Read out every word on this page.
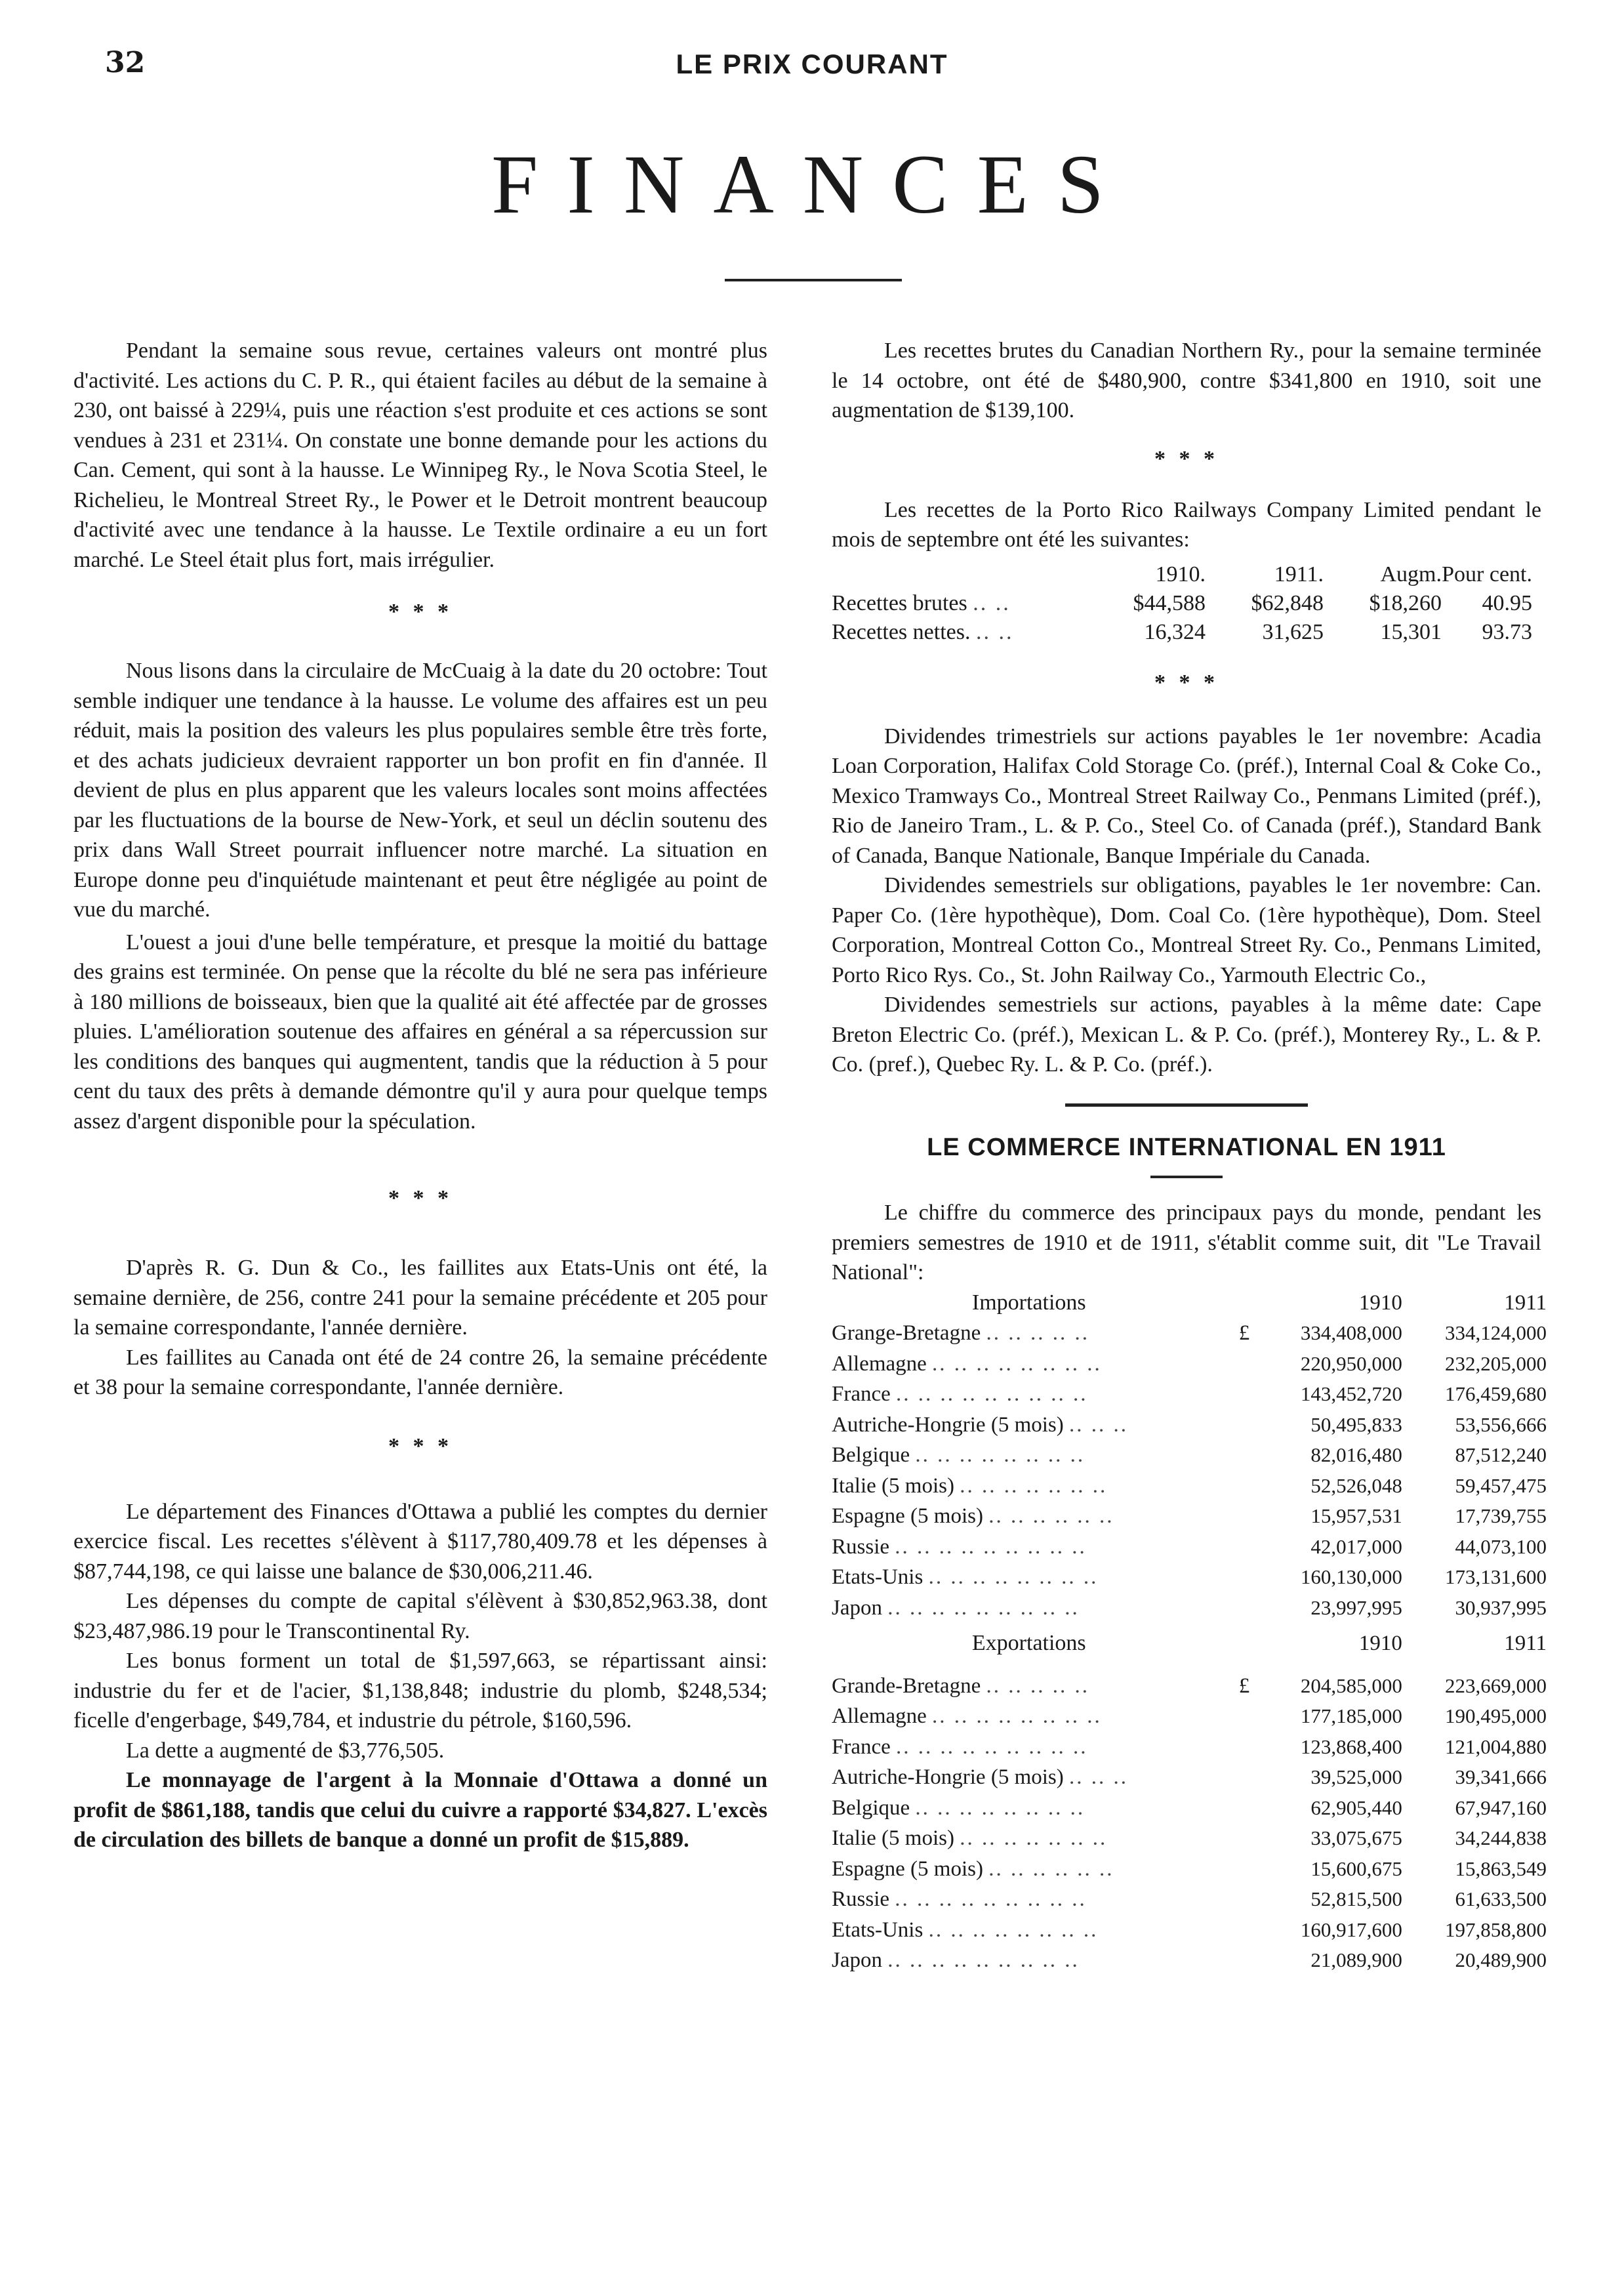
32	LE PRIX COURANT
FINANCES

Pendant la semaine sous revue, certaines valeurs ont montré plus d'activité. Les actions du C. P. R., qui étaient faciles au début de la semaine à 230, ont baissé à 229¼, puis une réaction s'est produite et ces actions se sont vendues à 231 et 231¼. On constate une bonne demande pour les actions du Can. Cement, qui sont à la hausse. Le Winnipeg Ry., le Nova Scotia Steel, le Richelieu, le Montreal Street Ry., le Power et le Detroit montrent beaucoup d'activité avec une tendance à la hausse. Le Textile ordinaire a eu un fort marché. Le Steel était plus fort, mais irrégulier.

* * *

Nous lisons dans la circulaire de McCuaig à la date du 20 octobre: Tout semble indiquer une tendance à la hausse. Le volume des affaires est un peu réduit, mais la position des valeurs les plus populaires semble être très forte, et des achats judicieux devraient rapporter un bon profit en fin d'année. Il devient de plus en plus apparent que les valeurs locales sont moins affectées par les fluctuations de la bourse de New-York, et seul un déclin soutenu des prix dans Wall Street pourrait influencer notre marché. La situation en Europe donne peu d'inquiétude maintenant et peut être négligée au point de vue du marché.

L'ouest a joui d'une belle température, et presque la moitié du battage des grains est terminée. On pense que la récolte du blé ne sera pas inférieure à 180 millions de boisseaux, bien que la qualité ait été affectée par de grosses pluies. L'amélioration soutenue des affaires en général a sa répercussion sur les conditions des banques qui augmentent, tandis que la réduction à 5 pour cent du taux des prêts à demande démontre qu'il y aura pour quelque temps assez d'argent disponible pour la spéculation.

* * *

D'après R. G. Dun & Co., les faillites aux Etats-Unis ont été, la semaine dernière, de 256, contre 241 pour la semaine précédente et 205 pour la semaine correspondante, l'année dernière.

Les faillites au Canada ont été de 24 contre 26, la semaine précédente et 38 pour la semaine correspondante, l'année dernière.

* * *

Le département des Finances d'Ottawa a publié les comptes du dernier exercice fiscal. Les recettes s'élèvent à $117,780,409.78 et les dépenses à $87,744,198, ce qui laisse une balance de $30,006,211.46.

Les dépenses du compte de capital s'élèvent à $30,852,963.38, dont $23,487,986.19 pour le Transcontinental Ry.

Les bonus forment un total de $1,597,663, se répartissant ainsi: industrie du fer et de l'acier, $1,138,848; industrie du plomb, $248,534; ficelle d'engerbage, $49,784, et industrie du pétrole, $160,596.

La dette a augmenté de $3,776,505.

Le monnayage de l'argent à la Monnaie d'Ottawa a donné un profit de $861,188, tandis que celui du cuivre a rapporté $34,827. L'excès de circulation des billets de banque a donné un profit de $15,889.

Les recettes brutes du Canadian Northern Ry., pour la semaine terminée le 14 octobre, ont été de $480,900, contre $341,800 en 1910, soit une augmentation de $139,100.

* * *

Les recettes de la Porto Rico Railways Company Limited pendant le mois de septembre ont été les suivantes:

	1910.	1911.	Augm.	Pour cent.
Recettes brutes .. ..	$44,588	$62,848	$18,260	40.95
Recettes nettes. .. ..	16,324	31,625	15,301	93.73
* * *

Dividendes trimestriels sur actions payables le 1er novembre: Acadia Loan Corporation, Halifax Cold Storage Co. (préf.), Internal Coal & Coke Co., Mexico Tramways Co., Montreal Street Railway Co., Penmans Limited (préf.), Rio de Janeiro Tram., L. & P. Co., Steel Co. of Canada (préf.), Standard Bank of Canada, Banque Nationale, Banque Impériale du Canada.

Dividendes semestriels sur obligations, payables le 1er novembre: Can. Paper Co. (1ère hypothèque), Dom. Coal Co. (1ère hypothèque), Dom. Steel Corporation, Montreal Cotton Co., Montreal Street Ry. Co., Penmans Limited, Porto Rico Rys. Co., St. John Railway Co., Yarmouth Electric Co.,

Dividendes semestriels sur actions, payables à la même date: Cape Breton Electric Co. (préf.), Mexican L. & P. Co. (préf.), Monterey Ry., L. & P. Co. (pref.), Quebec Ry. L. & P. Co. (préf.).

LE COMMERCE INTERNATIONAL EN 1911

Le chiffre du commerce des principaux pays du monde, pendant les premiers semestres de 1910 et de 1911, s'établit comme suit, dit "Le Travail National":

Importations		1910	1911
Grange-Bretagne .. .. .. .. ..	£	334,408,000	334,124,000
Allemagne .. .. .. .. .. .. .. ..		220,950,000	232,205,000
France .. .. .. .. .. .. .. .. ..		143,452,720	176,459,680
Autriche-Hongrie (5 mois) .. .. ..		50,495,833	53,556,666
Belgique .. .. .. .. .. .. .. ..		82,016,480	87,512,240
Italie (5 mois) .. .. .. .. .. .. ..		52,526,048	59,457,475
Espagne (5 mois) .. .. .. .. .. ..		15,957,531	17,739,755
Russie .. .. .. .. .. .. .. .. ..		42,017,000	44,073,100
Etats-Unis .. .. .. .. .. .. .. ..		160,130,000	173,131,600
Japon .. .. .. .. .. .. .. .. ..		23,997,995	30,937,995
Exportations		1910	1911

Grande-Bretagne .. .. .. .. ..	£	204,585,000	223,669,000
Allemagne .. .. .. .. .. .. .. ..		177,185,000	190,495,000
France .. .. .. .. .. .. .. .. ..		123,868,400	121,004,880
Autriche-Hongrie (5 mois) .. .. ..		39,525,000	39,341,666
Belgique .. .. .. .. .. .. .. ..		62,905,440	67,947,160
Italie (5 mois) .. .. .. .. .. .. ..		33,075,675	34,244,838
Espagne (5 mois) .. .. .. .. .. ..		15,600,675	15,863,549
Russie .. .. .. .. .. .. .. .. ..		52,815,500	61,633,500
Etats-Unis .. .. .. .. .. .. .. ..		160,917,600	197,858,800
Japon .. .. .. .. .. .. .. .. ..		21,089,900	20,489,900
